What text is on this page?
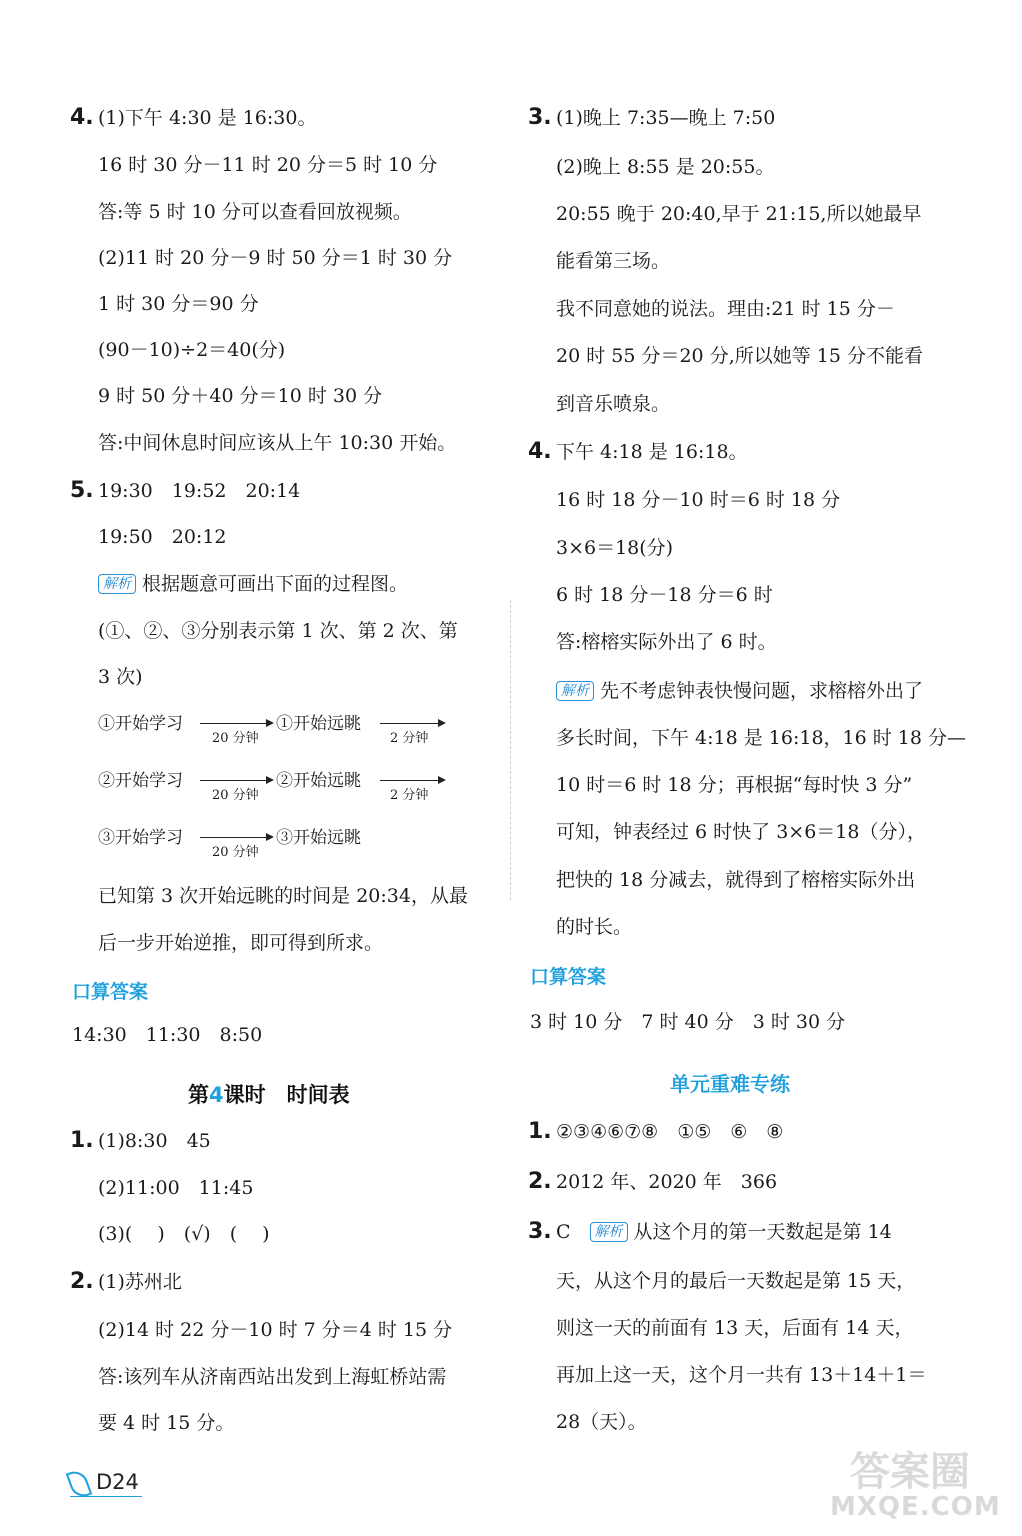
4. (1)下午 4:30 是 16:30。
16 时 30 分－11 时 20 分＝5 时 10 分
答:等 5 时 10 分可以查看回放视频。
(2)11 时 20 分－9 时 50 分＝1 时 30 分
1 时 30 分＝90 分
(90－10)÷2＝40(分)
9 时 50 分＋40 分＝10 时 30 分
答:中间休息时间应该从上午 10:30 开始。
5. 19:30　19:52　20:14
19:50　20:12
解析 根据题意可画出下面的过程图。
(①、②、③分别表示第 1 次、第 2 次、第
3 次)
①开始学习
20 分钟
①开始远眺
2 分钟
②开始学习
20 分钟
②开始远眺
2 分钟
③开始学习
20 分钟
③开始远眺
已知第 3 次开始远眺的时间是 20:34，从最
后一步开始逆推，即可得到所求。
口算答案
14:30　11:30　8:50
第4课时　时间表
1. (1)8:30　45
(2)11:00　11:45
(3)(　 )　(√)　(　 )
2. (1)苏州北
(2)14 时 22 分－10 时 7 分＝4 时 15 分
答:该列车从济南西站出发到上海虹桥站需
要 4 时 15 分。
3. (1)晚上 7:35—晚上 7:50
(2)晚上 8:55 是 20:55。
20:55 晚于 20:40,早于 21:15,所以她最早
能看第三场。
我不同意她的说法。理由:21 时 15 分－
20 时 55 分＝20 分,所以她等 15 分不能看
到音乐喷泉。
4. 下午 4:18 是 16:18。
16 时 18 分－10 时＝6 时 18 分
3×6＝18(分)
6 时 18 分－18 分＝6 时
答:榕榕实际外出了 6 时。
解析 先不考虑钟表快慢问题，求榕榕外出了
多长时间，下午 4:18 是 16:18，16 时 18 分—
10 时＝6 时 18 分；再根据“每时快 3 分”
可知，钟表经过 6 时快了 3×6＝18（分），
把快的 18 分减去，就得到了榕榕实际外出
的时长。
口算答案
3 时 10 分　7 时 40 分　3 时 30 分
单元重难专练
1. ②③④⑥⑦⑧　①⑤　⑥　⑧
2. 2012 年、2020 年　366
3. C   解析 从这个月的第一天数起是第 14
天，从这个月的最后一天数起是第 15 天，
则这一天的前面有 13 天，后面有 14 天，
再加上这一天，这个月一共有 13＋14＋1＝
28（天）。
D24	答案圈
MXQE.COM
